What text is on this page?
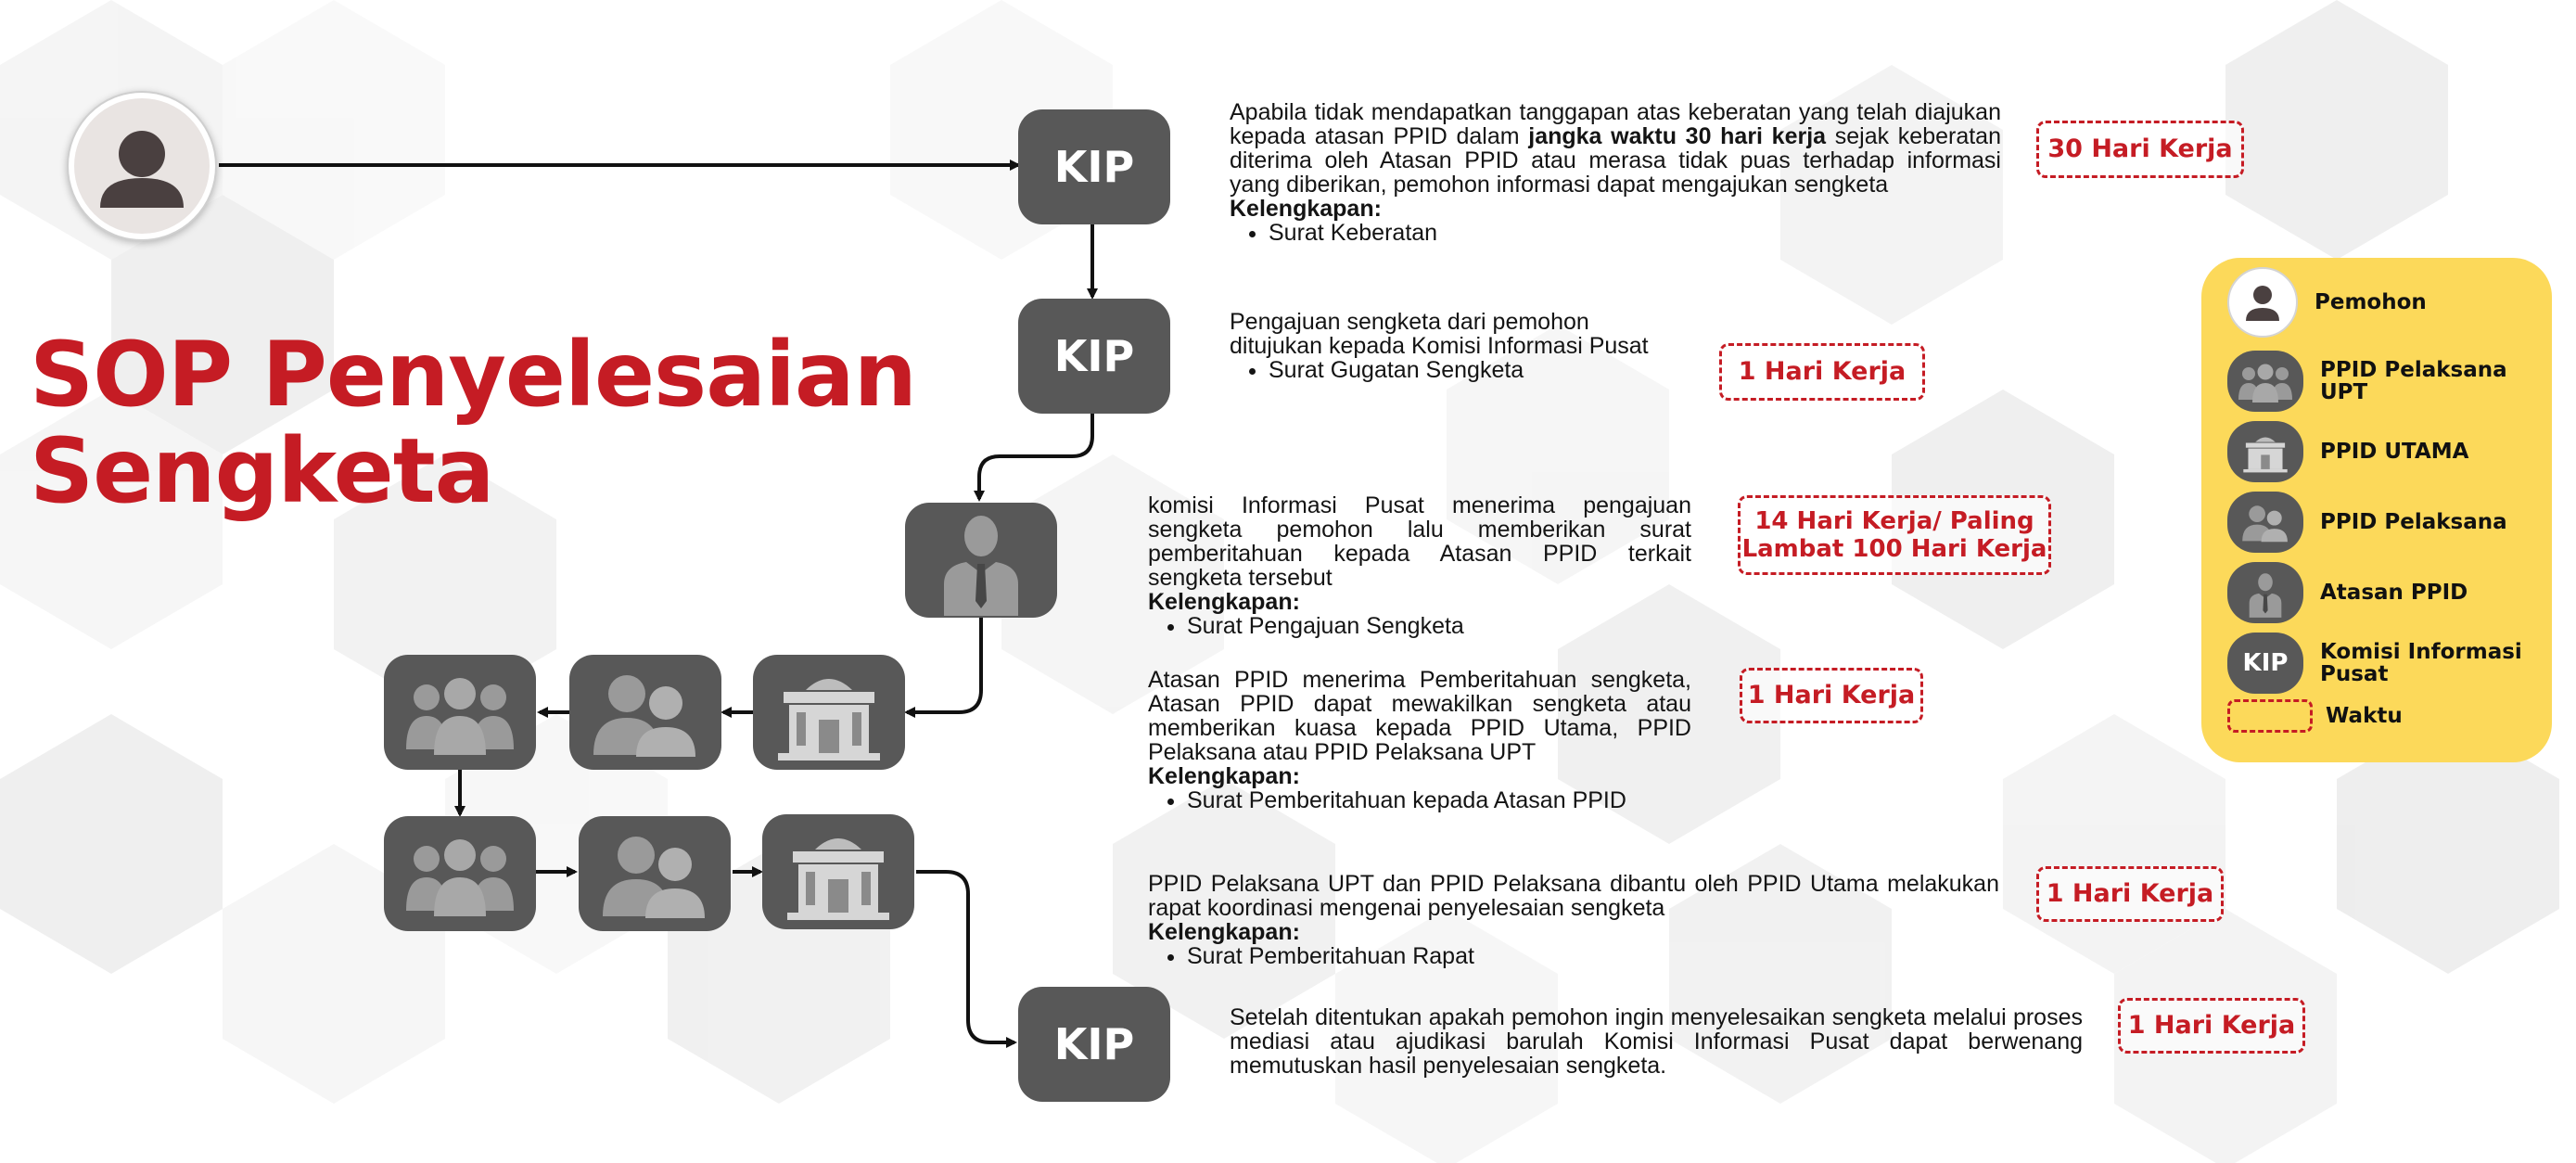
SOP Penyelesaian
Sengketa
KIP
KIP
KIP

Apabila tidak mendapatkan tanggapan atas keberatan yang telah diajukan kepada atasan PPID dalam jangka waktu 30 hari kerja sejak keberatan diterima oleh Atasan PPID atau merasa tidak puas terhadap informasi yang diberikan, pemohon informasi dapat mengajukan sengketa

Kelengkapan:
• Surat Keberatan
30 Hari Kerja

Pengajuan sengketa dari pemohon ditujukan kepada Komisi Informasi Pusat

• Surat Gugatan Sengketa	1 Hari Kerja

komisi Informasi Pusat menerima pengajuan sengketa pemohon lalu memberikan surat pemberitahuan kepada Atasan PPID terkait sengketa tersebut

Kelengkapan:
• Surat Pengajuan Sengketa
14 Hari Kerja/ Paling Lambat 100 Hari Kerja

Atasan PPID menerima Pemberitahuan sengketa, Atasan PPID dapat mewakilkan sengketa atau memberikan kuasa kepada PPID Utama, PPID Pelaksana atau PPID Pelaksana UPT

Kelengkapan:
• Surat Pemberitahuan kepada Atasan PPID
1 Hari Kerja

PPID Pelaksana UPT dan PPID Pelaksana dibantu oleh PPID Utama melakukan rapat koordinasi mengenai penyelesaian sengketa

Kelengkapan:
• Surat Pemberitahuan Rapat
1 Hari Kerja

Setelah ditentukan apakah pemohon ingin menyelesaikan sengketa melalui proses mediasi atau ajudikasi barulah Komisi Informasi Pusat dapat berwenang memutuskan hasil penyelesaian sengketa.

1 Hari Kerja
Pemohon
PPID Pelaksana UPT
PPID UTAMA
PPID Pelaksana
Atasan PPID
KIP Komisi Informasi Pusat
Waktu
